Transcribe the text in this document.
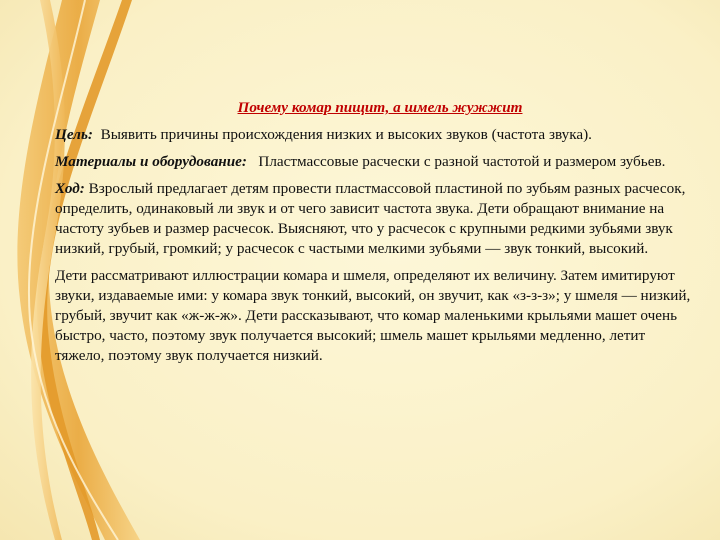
Почему комар пищит, а шмель жужжит

Цель: Выявить причины происхождения низких и высоких звуков (частота звука).

Материалы и оборудование: Пластмассовые расчески с разной частотой и размером зубьев.

Ход: Взрослый предлагает детям провести пластмассовой пластиной по зубьям разных расчесок, определить, одинаковый ли звук и от чего зависит частота звука. Дети обращают внимание на частоту зубьев и размер расчесок. Выясняют, что у расчесок с крупными редкими зубьями звук низкий, грубый, громкий; у расчесок с частыми мелкими зубьями — звук тонкий, высокий.

Дети рассматривают иллюстрации комара и шмеля, определяют их величину. Затем имитируют звуки, издаваемые ими: у комара звук тонкий, высокий, он звучит, как «з-з-з»; у шмеля — низкий, грубый, звучит как «ж-ж-ж». Дети рассказывают, что комар маленькими крыльями машет очень быстро, часто, поэтому звук получается высокий; шмель машет крыльями медленно, летит тяжело, поэтому звук получается низкий.
